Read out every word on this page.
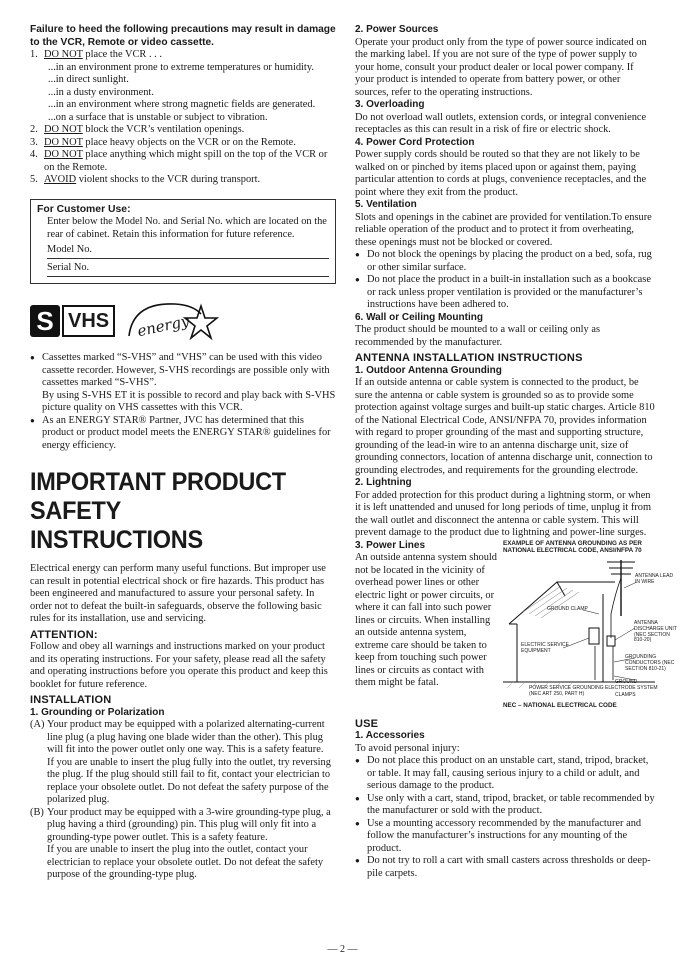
Failure to heed the following precautions may result in damage to the VCR, Remote or video cassette.

1. DO NOT place the VCR . . .
...in an environment prone to extreme temperatures or humidity.
...in direct sunlight.
...in a dusty environment.
...in an environment where strong magnetic fields are generated.
...on a surface that is unstable or subject to vibration.
2. DO NOT block the VCR’s ventilation openings.
3. DO NOT place heavy objects on the VCR or on the Remote.
4. DO NOT place anything which might spill on the top of the VCR or on the Remote.
5. AVOID violent shocks to the VCR during transport.

For Customer Use:

Enter below the Model No. and Serial No. which are located on the rear of cabinet. Retain this information for future reference.

Model No.
Serial No.
S VHS	energy
● Cassettes marked “S-VHS” and “VHS” can be used with this video cassette recorder. However, S-VHS recordings are possible only with cassettes marked “S-VHS”.
By using S-VHS ET it is possible to record and play back with S-VHS picture quality on VHS cassettes with this VCR.
● As an ENERGY STAR® Partner, JVC has determined that this product or product model meets the ENERGY STAR® guidelines for energy efficiency.
IMPORTANT PRODUCT SAFETY
INSTRUCTIONS

Electrical energy can perform many useful functions. But improper use can result in potential electrical shock or fire hazards. This product has been engineered and manufactured to assure your personal safety. In order not to defeat the built-in safeguards, observe the following basic rules for its installation, use and servicing.

ATTENTION:

Follow and obey all warnings and instructions marked on your product and its operating instructions. For your safety, please read all the safety and operating instructions before you operate this product and keep this booklet for future reference.

INSTALLATION

1. Grounding or Polarization

(A) Your product may be equipped with a polarized alternating-current line plug (a plug having one blade wider than the other). This plug will fit into the power outlet only one way. This is a safety feature.
If you are unable to insert the plug fully into the outlet, try reversing the plug. If the plug should still fail to fit, contact your electrician to replace your obsolete outlet. Do not defeat the safety purpose of the polarized plug.
(B) Your product may be equipped with a 3-wire grounding-type plug, a plug having a third (grounding) pin. This plug will only fit into a grounding-type power outlet. This is a safety feature.
If you are unable to insert the plug into the outlet, contact your electrician to replace your obsolete outlet. Do not defeat the safety purpose of the grounding-type plug.

2. Power Sources

Operate your product only from the type of power source indicated on the marking label. If you are not sure of the type of power supply to your home, consult your product dealer or local power company. If your product is intended to operate from battery power, or other sources, refer to the operating instructions.

3. Overloading

Do not overload wall outlets, extension cords, or integral convenience receptacles as this can result in a risk of fire or electric shock.

4. Power Cord Protection

Power supply cords should be routed so that they are not likely to be walked on or pinched by items placed upon or against them, paying particular attention to cords at plugs, convenience receptacles, and the point where they exit from the product.

5. Ventilation

Slots and openings in the cabinet are provided for ventilation.To ensure reliable operation of the product and to protect it from overheating, these openings must not be blocked or covered.

● Do not block the openings by placing the product on a bed, sofa, rug or other similar surface.
● Do not place the product in a built-in installation such as a bookcase or rack unless proper ventilation is provided or the manufacturer’s instructions have been adhered to.

6. Wall or Ceiling Mounting

The product should be mounted to a wall or ceiling only as recommended by the manufacturer.

ANTENNA INSTALLATION INSTRUCTIONS

1. Outdoor Antenna Grounding

If an outside antenna or cable system is connected to the product, be sure the antenna or cable system is grounded so as to provide some protection against voltage surges and built-up static charges. Article 810 of the National Electrical Code, ANSI/NFPA 70, provides information with regard to proper grounding of the mast and supporting structure, grounding of the lead-in wire to an antenna discharge unit, size of grounding connectors, location of antenna discharge unit, connection to grounding electrodes, and requirements for the grounding electrode.

2. Lightning

For added protection for this product during a lightning storm, or when it is left unattended and unused for long periods of time, unplug it from the wall outlet and disconnect the antenna or cable system. This will prevent damage to the product due to lightning and power-line surges.

EXAMPLE OF ANTENNA GROUNDING AS PER NATIONAL ELECTRICAL CODE, ANSI/NFPA 70
ANTENNA LEAD IN WIRE
GROUND CLAMP
ANTENNA DISCHARGE UNIT (NEC SECTION 810-20)
ELECTRIC SERVICE EQUIPMENT
GROUNDING CONDUCTORS (NEC SECTION 810-21)
GROUND CLAMPS
POWER SERVICE GROUNDING ELECTRODE SYSTEM (NEC ART 250, PART H)
NEC – NATIONAL ELECTRICAL CODE

3. Power Lines

An outside antenna system should not be located in the vicinity of overhead power lines or other electric light or power circuits, or where it can fall into such power lines or circuits. When installing an outside antenna system, extreme care should be taken to keep from touching such power lines or circuits as contact with them might be fatal.

USE

1. Accessories

To avoid personal injury:

● Do not place this product on an unstable cart, stand, tripod, bracket, or table. It may fall, causing serious injury to a child or adult, and serious damage to the product.
● Use only with a cart, stand, tripod, bracket, or table recommended by the manufacturer or sold with the product.
● Use a mounting accessory recommended by the manufacturer and follow the manufacturer’s instructions for any mounting of the product.
● Do not try to roll a cart with small casters across thresholds or deep-pile carpets.
— 2 —
